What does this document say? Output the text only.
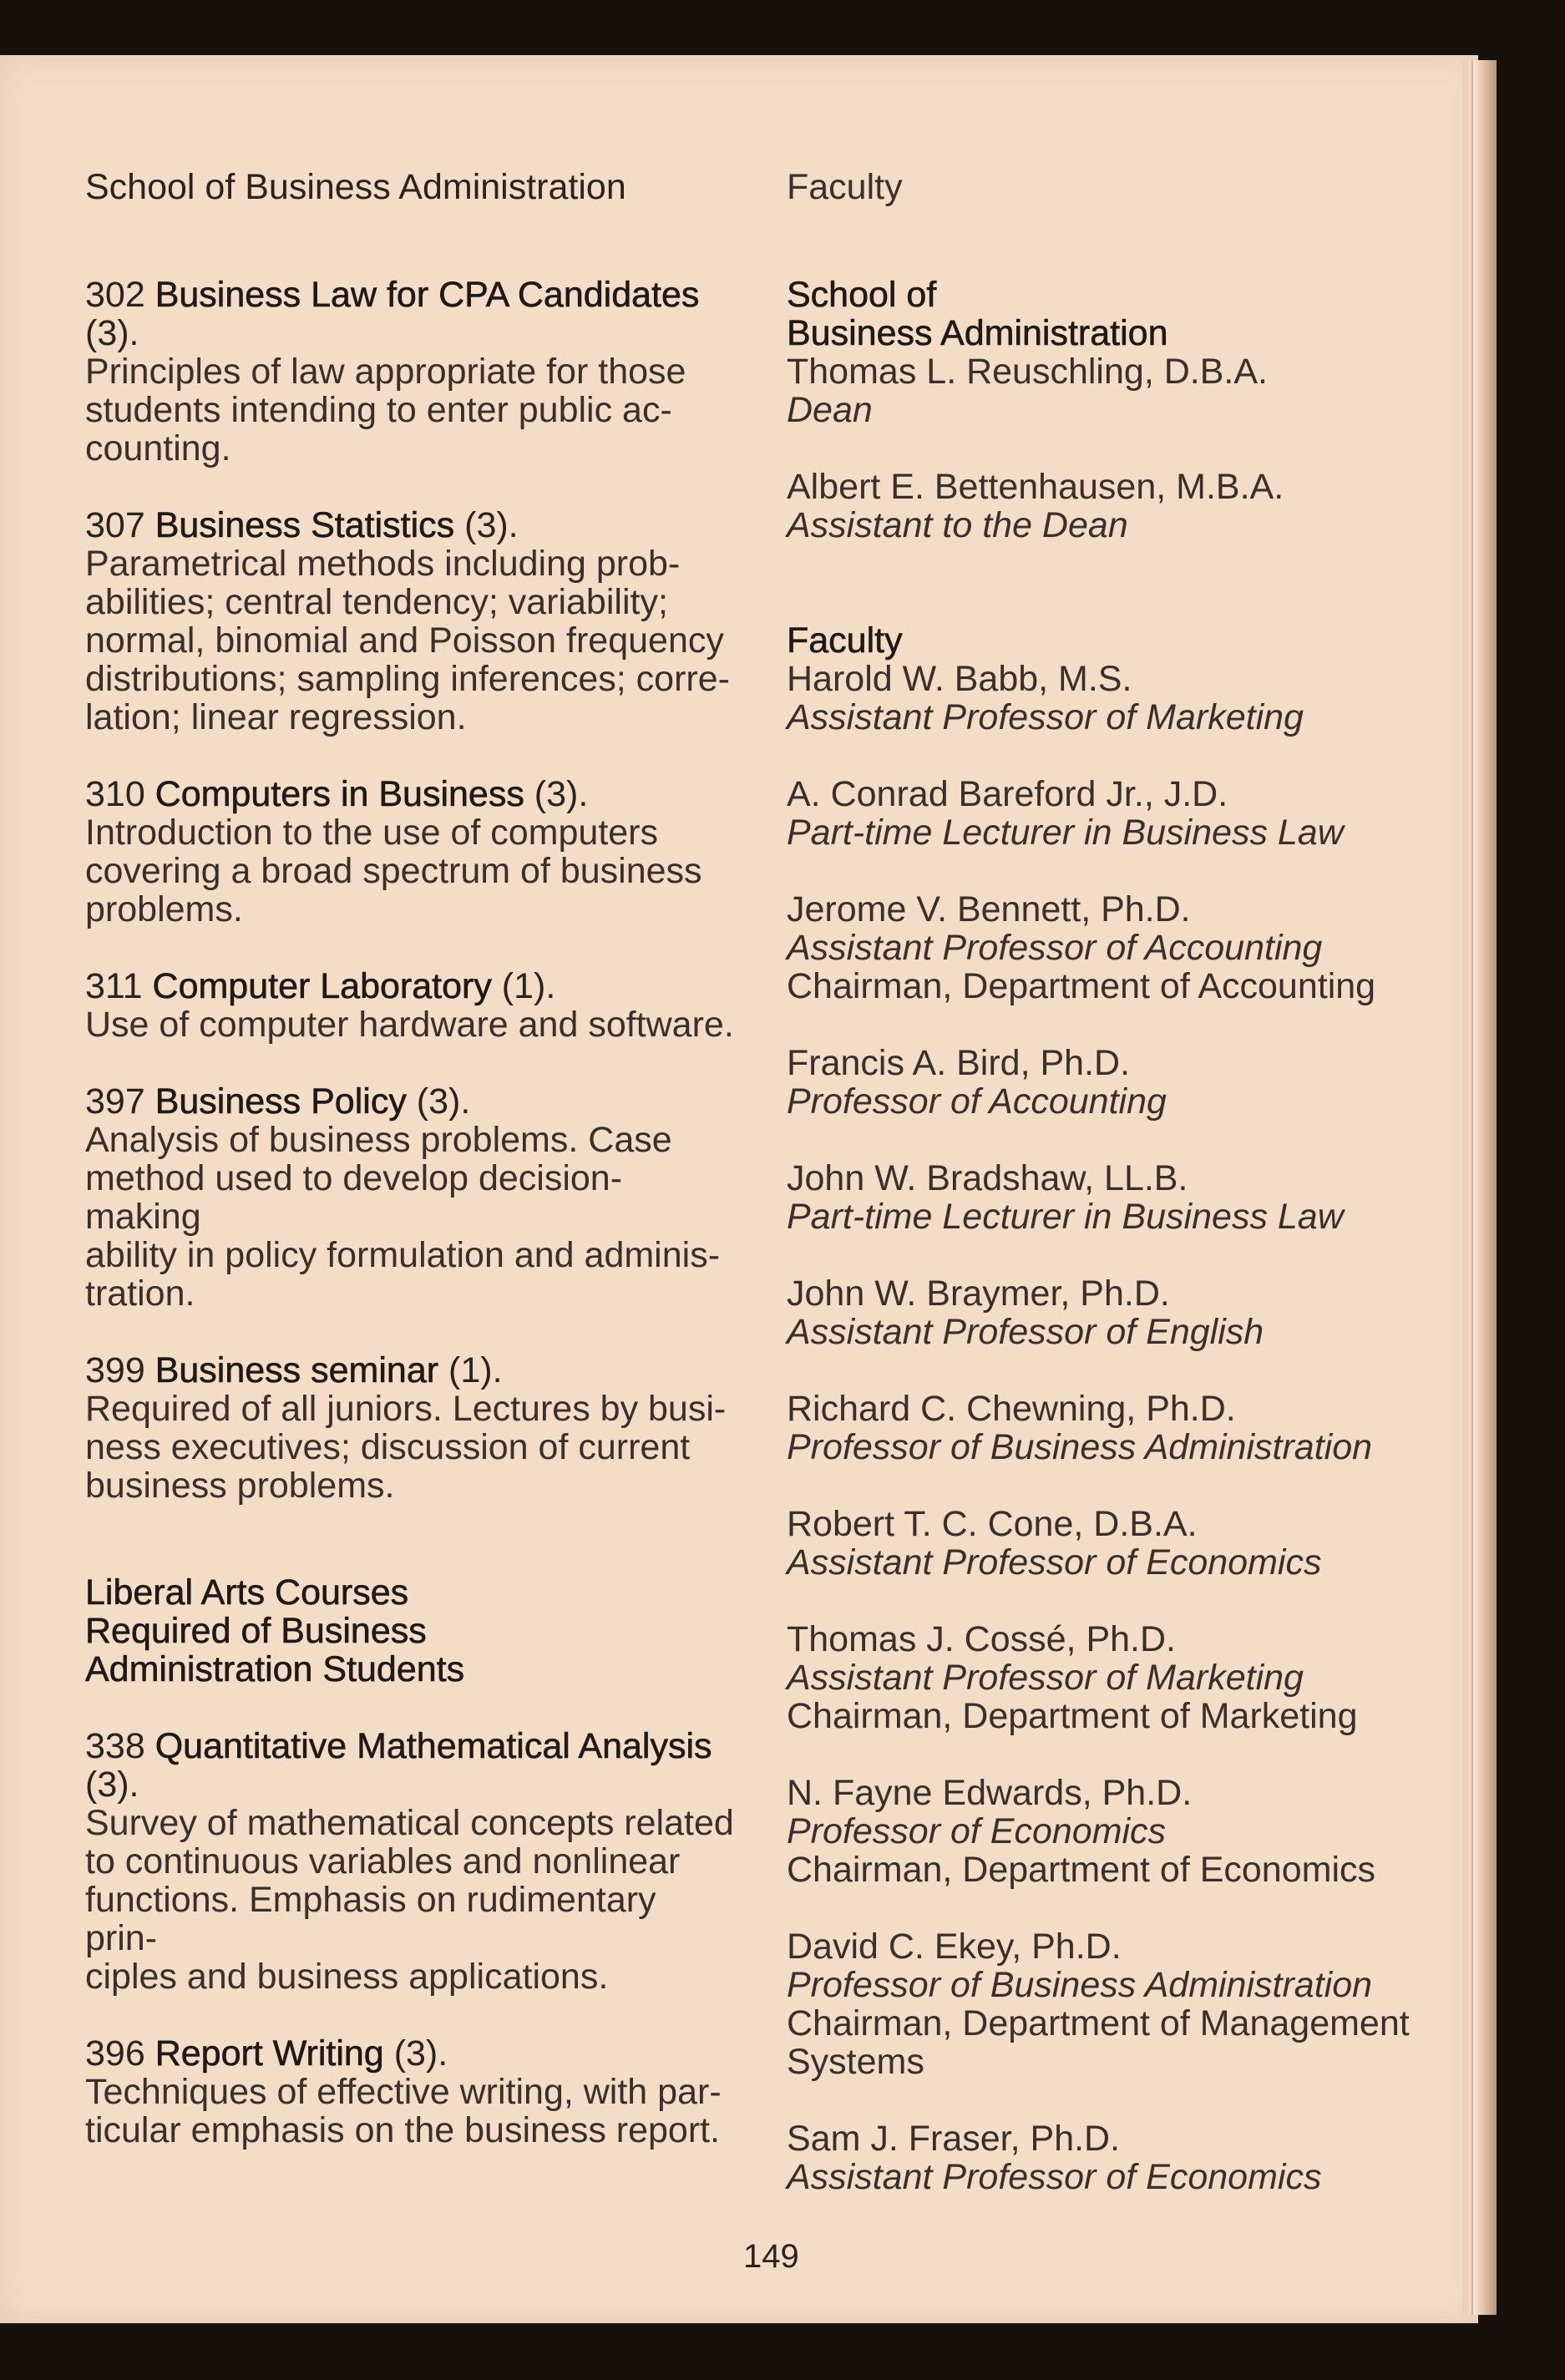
School of Business Administration	Faculty
302 Business Law for CPA Candidates (3).
Principles of law appropriate for those
students intending to enter public ac-
counting.
307 Business Statistics (3).
Parametrical methods including prob-
abilities; central tendency; variability;
normal, binomial and Poisson frequency
distributions; sampling inferences; corre-
lation; linear regression.
310 Computers in Business (3).
Introduction to the use of computers
covering a broad spectrum of business
problems.
311 Computer Laboratory (1).
Use of computer hardware and software.
397 Business Policy (3).
Analysis of business problems. Case
method used to develop decision-making
ability in policy formulation and adminis-
tration.
399 Business seminar (1).
Required of all juniors. Lectures by busi-
ness executives; discussion of current
business problems.
Liberal Arts Courses
Required of Business
Administration Students
338 Quantitative Mathematical Analysis (3).
Survey of mathematical concepts related
to continuous variables and nonlinear
functions. Emphasis on rudimentary prin-
ciples and business applications.
396 Report Writing (3).
Techniques of effective writing, with par-
ticular emphasis on the business report.
School of
Business Administration
Thomas L. Reuschling, D.B.A.
Dean
Albert E. Bettenhausen, M.B.A.
Assistant to the Dean
Faculty
Harold W. Babb, M.S.
Assistant Professor of Marketing
A. Conrad Bareford Jr., J.D.
Part-time Lecturer in Business Law
Jerome V. Bennett, Ph.D.
Assistant Professor of Accounting
Chairman, Department of Accounting
Francis A. Bird, Ph.D.
Professor of Accounting
John W. Bradshaw, LL.B.
Part-time Lecturer in Business Law
John W. Braymer, Ph.D.
Assistant Professor of English
Richard C. Chewning, Ph.D.
Professor of Business Administration
Robert T. C. Cone, D.B.A.
Assistant Professor of Economics
Thomas J. Cossé, Ph.D.
Assistant Professor of Marketing
Chairman, Department of Marketing
N. Fayne Edwards, Ph.D.
Professor of Economics
Chairman, Department of Economics
David C. Ekey, Ph.D.
Professor of Business Administration
Chairman, Department of Management
Systems
Sam J. Fraser, Ph.D.
Assistant Professor of Economics
149
